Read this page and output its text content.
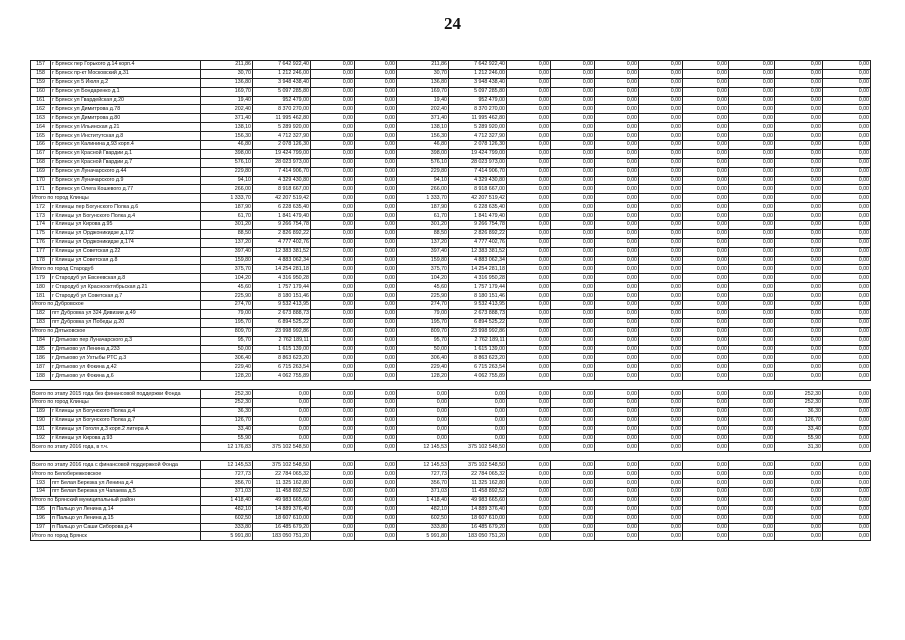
24
157	г Брянск пер Горького д.14 корп.4	211,86	7 642 922,40	0,00	0,00	211,86	7 642 922,40	0,00	0,00	0,00	0,00	0,00	0,00	0,00	0,00
158	г Брянск пр-кт Московский д.31	30,70	1 212 246,00	0,00	0,00	30,70	1 212 246,00	0,00	0,00	0,00	0,00	0,00	0,00	0,00	0,00
159	г Брянск ул 5 Июля д.2	136,80	3 948 438,40	0,00	0,00	136,80	3 948 438,40	0,00	0,00	0,00	0,00	0,00	0,00	0,00	0,00
160	г Брянск ул Бондаренко д.1	169,70	5 097 285,80	0,00	0,00	169,70	5 097 285,80	0,00	0,00	0,00	0,00	0,00	0,00	0,00	0,00
161	г Брянск ул Гвардейская д.20	19,40	952 479,00	0,00	0,00	19,40	952 479,00	0,00	0,00	0,00	0,00	0,00	0,00	0,00	0,00
162	г Брянск ул Димитрова д.78	202,40	8 370 270,00	0,00	0,00	202,40	8 370 270,00	0,00	0,00	0,00	0,00	0,00	0,00	0,00	0,00
163	г Брянск ул Димитрова д.80	371,40	11 995 462,80	0,00	0,00	371,40	11 995 462,80	0,00	0,00	0,00	0,00	0,00	0,00	0,00	0,00
164	г Брянск ул Ильинская д.21	138,10	5 289 920,00	0,00	0,00	138,10	5 289 920,00	0,00	0,00	0,00	0,00	0,00	0,00	0,00	0,00
165	г Брянск ул Институтская д.8	156,30	4 712 327,90	0,00	0,00	156,30	4 712 327,90	0,00	0,00	0,00	0,00	0,00	0,00	0,00	0,00
166	г Брянск ул Калинина д.93 корп.4	46,80	2 078 126,30	0,00	0,00	46,80	2 078 126,30	0,00	0,00	0,00	0,00	0,00	0,00	0,00	0,00
167	г Брянск ул Красной Гвардии д.1	398,00	19 424 799,00	0,00	0,00	398,00	19 424 799,00	0,00	0,00	0,00	0,00	0,00	0,00	0,00	0,00
168	г Брянск ул Красной Гвардии д.7	576,10	28 023 973,00	0,00	0,00	576,10	28 023 973,00	0,00	0,00	0,00	0,00	0,00	0,00	0,00	0,00
169	г Брянск ул Луначарского д.44	229,80	7 414 906,70	0,00	0,00	229,80	7 414 906,70	0,00	0,00	0,00	0,00	0,00	0,00	0,00	0,00
170	г Брянск ул Луначарского д.9	94,10	4 329 430,80	0,00	0,00	94,10	4 329 430,80	0,00	0,00	0,00	0,00	0,00	0,00	0,00	0,00
171	г Брянск ул Олега Кошевого д.77	266,00	8 918 667,00	0,00	0,00	266,00	8 918 667,00	0,00	0,00	0,00	0,00	0,00	0,00	0,00	0,00
Итого по город Клинцы		1 333,70	42 207 519,42	0,00	0,00	1 333,70	42 207 519,42	0,00	0,00	0,00	0,00	0,00	0,00	0,00	0,00
172	г Клинцы пер Богунского Полка д.6	187,90	6 228 635,40	0,00	0,00	187,90	6 228 635,40	0,00	0,00	0,00	0,00	0,00	0,00	0,00	0,00
173	г Клинцы ул Богунского Полка д.4	61,70	1 841 479,40	0,00	0,00	61,70	1 841 479,40	0,00	0,00	0,00	0,00	0,00	0,00	0,00	0,00
174	г Клинцы ул Кирова д.95	301,20	9 266 754,78	0,00	0,00	301,20	9 266 754,78	0,00	0,00	0,00	0,00	0,00	0,00	0,00	0,00
175	г Клинцы ул Орджоникидзе д.172	88,50	2 826 892,22	0,00	0,00	88,50	2 826 892,22	0,00	0,00	0,00	0,00	0,00	0,00	0,00	0,00
176	г Клинцы ул Орджоникидзе д.174	137,20	4 777 402,76	0,00	0,00	137,20	4 777 402,76	0,00	0,00	0,00	0,00	0,00	0,00	0,00	0,00
177	г Клинцы ул Советская д.22	397,40	12 383 381,52	0,00	0,00	397,40	12 383 381,52	0,00	0,00	0,00	0,00	0,00	0,00	0,00	0,00
178	г Клинцы ул Советская д.8	159,80	4 883 062,34	0,00	0,00	159,80	4 883 062,34	0,00	0,00	0,00	0,00	0,00	0,00	0,00	0,00
Итого по город Стародуб		375,70	14 254 281,18	0,00	0,00	375,70	14 254 281,18	0,00	0,00	0,00	0,00	0,00	0,00	0,00	0,00
179	г Стародуб ул Евсеевская д.8	104,20	4 316 950,28	0,00	0,00	104,20	4 316 950,28	0,00	0,00	0,00	0,00	0,00	0,00	0,00	0,00
180	г Стародуб ул Краснооктябрьская д.21	45,60	1 757 179,44	0,00	0,00	45,60	1 757 179,44	0,00	0,00	0,00	0,00	0,00	0,00	0,00	0,00
181	г Стародуб ул Советская д.7	225,90	8 180 151,46	0,00	0,00	225,90	8 180 151,46	0,00	0,00	0,00	0,00	0,00	0,00	0,00	0,00
Итого по Дубровское		274,70	9 532 413,95	0,00	0,00	274,70	9 532 413,95	0,00	0,00	0,00	0,00	0,00	0,00	0,00	0,00
182	пгт Дубровка ул 324 Дивизии д.49	79,00	2 673 888,73	0,00	0,00	79,00	2 673 888,73	0,00	0,00	0,00	0,00	0,00	0,00	0,00	0,00
183	пгт Дубровка ул Победы д.20	195,70	6 894 525,22	0,00	0,00	195,70	6 894 525,22	0,00	0,00	0,00	0,00	0,00	0,00	0,00	0,00
Итого по Дятьковское		809,70	23 998 992,86	0,00	0,00	809,70	23 998 992,86	0,00	0,00	0,00	0,00	0,00	0,00	0,00	0,00
184	г Дятьково пер Луначарского д.3	95,70	2 762 189,11	0,00	0,00	95,70	2 762 189,11	0,00	0,00	0,00	0,00	0,00	0,00	0,00	0,00
185	г Дятьково ул Ленина д.233	50,00	1 615 139,00	0,00	0,00	50,00	1 615 139,00	0,00	0,00	0,00	0,00	0,00	0,00	0,00	0,00
186	г Дятьково ул Ухтыбы РТС д.3	306,40	8 863 623,20	0,00	0,00	306,40	8 863 623,20	0,00	0,00	0,00	0,00	0,00	0,00	0,00	0,00
187	г Дятьково ул Фокина д.42	229,40	6 715 263,54	0,00	0,00	229,40	6 715 263,54	0,00	0,00	0,00	0,00	0,00	0,00	0,00	0,00
188	г Дятьково ул Фокина д.6	128,20	4 062 755,89	0,00	0,00	128,20	4 062 755,89	0,00	0,00	0,00	0,00	0,00	0,00	0,00	0,00

Всего по этапу 2015 года без финансовой поддержки Фонда		252,30	0,00	0,00	0,00	0,00	0,00	0,00	0,00	0,00	0,00	0,00	0,00	252,30	0,00
Итого по город Клинцы		252,30	0,00	0,00	0,00	0,00	0,00	0,00	0,00	0,00	0,00	0,00	0,00	252,30	0,00
189	г Клинцы ул Богунского Полка д.4	36,30	0,00	0,00	0,00	0,00	0,00	0,00	0,00	0,00	0,00	0,00	0,00	36,30	0,00
190	г Клинцы ул Богунского Полка д.7	126,70	0,00	0,00	0,00	0,00	0,00	0,00	0,00	0,00	0,00	0,00	0,00	126,70	0,00
191	г Клинцы ул Гоголя д.3 корп.2 литера А	33,40	0,00	0,00	0,00	0,00	0,00	0,00	0,00	0,00	0,00	0,00	0,00	33,40	0,00
192	г Клинцы ул Кирова д.93	55,90	0,00	0,00	0,00	0,00	0,00	0,00	0,00	0,00	0,00	0,00	0,00	55,90	0,00
Всего по этапу 2016 года, в т.ч.		12 176,83	375 102 548,50	0,00	0,00	12 145,53	375 102 548,50	0,00	0,00	0,00	0,00	0,00	0,00	31,30	0,00

Всего по этапу 2016 года с финансовой поддержкой Фонда		12 145,53	375 102 548,50	0,00	0,00	12 145,53	375 102 548,50	0,00	0,00	0,00	0,00	0,00	0,00	0,00	0,00
Итого по Белобережковское		727,73	22 784 065,32	0,00	0,00	727,73	22 784 065,32	0,00	0,00	0,00	0,00	0,00	0,00	0,00	0,00
193	пгт Белая Березка ул Ленина д.4	356,70	11 325 162,80	0,00	0,00	356,70	11 325 162,80	0,00	0,00	0,00	0,00	0,00	0,00	0,00	0,00
194	пгт Белая Березка ул Чапаева д.5	371,03	11 458 892,52	0,00	0,00	371,03	11 458 892,52	0,00	0,00	0,00	0,00	0,00	0,00	0,00	0,00
Итого по Брянский муниципальный район		1 418,40	49 983 665,60	0,00	0,00	1 418,40	49 983 665,60	0,00	0,00	0,00	0,00	0,00	0,00	0,00	0,00
195	п Пальцо ул Ленина д.14	482,10	14 889 376,40	0,00	0,00	482,10	14 889 376,40	0,00	0,00	0,00	0,00	0,00	0,00	0,00	0,00
196	п Пальцо ул Ленина д.15	602,50	18 607 610,00	0,00	0,00	602,50	18 607 610,00	0,00	0,00	0,00	0,00	0,00	0,00	0,00	0,00
197	п Пальцо ул Саши Сиборова д.4	333,80	16 485 679,20	0,00	0,00	333,80	16 485 679,20	0,00	0,00	0,00	0,00	0,00	0,00	0,00	0,00
Итого по город Брянск		5 991,80	183 050 751,20	0,00	0,00	5 991,80	183 050 751,20	0,00	0,00	0,00	0,00	0,00	0,00	0,00	0,00
